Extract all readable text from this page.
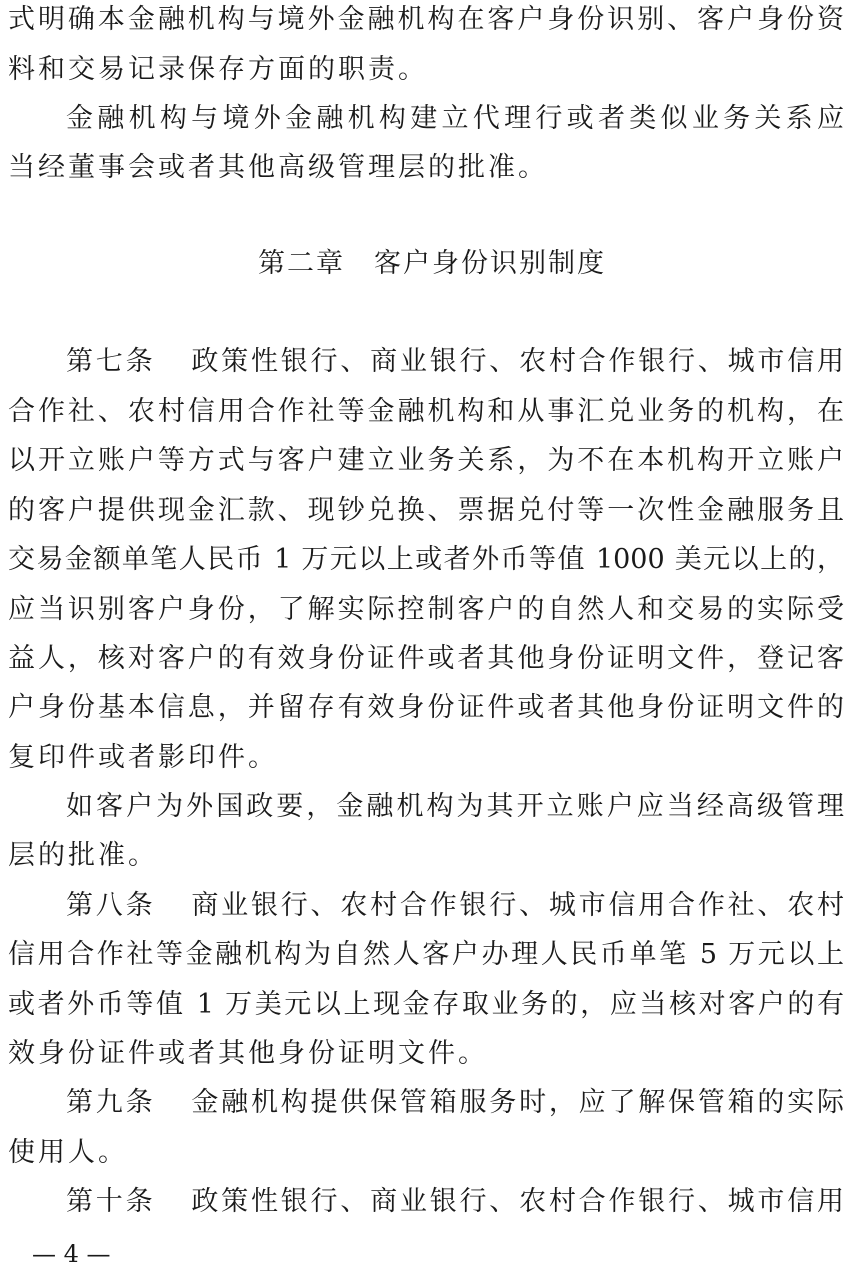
式明确本金融机构与境外金融机构在客户身份识别、客户身份资
料和交易记录保存方面的职责。
金融机构与境外金融机构建立代理行或者类似业务关系应
当经董事会或者其他高级管理层的批准。
第二章　客户身份识别制度
第七条 政策性银行、商业银行、农村合作银行、城市信用
合作社、农村信用合作社等金融机构和从事汇兑业务的机构，在
以开立账户等方式与客户建立业务关系，为不在本机构开立账户
的客户提供现金汇款、现钞兑换、票据兑付等一次性金融服务且
交易金额单笔人民币 1 万元以上或者外币等值 1000 美元以上的，
应当识别客户身份，了解实际控制客户的自然人和交易的实际受
益人，核对客户的有效身份证件或者其他身份证明文件，登记客
户身份基本信息，并留存有效身份证件或者其他身份证明文件的
复印件或者影印件。
如客户为外国政要，金融机构为其开立账户应当经高级管理
层的批准。
第八条 商业银行、农村合作银行、城市信用合作社、农村
信用合作社等金融机构为自然人客户办理人民币单笔 5 万元以上
或者外币等值 1 万美元以上现金存取业务的，应当核对客户的有
效身份证件或者其他身份证明文件。
第九条 金融机构提供保管箱服务时，应了解保管箱的实际
使用人。
第十条 政策性银行、商业银行、农村合作银行、城市信用
— 4 —
